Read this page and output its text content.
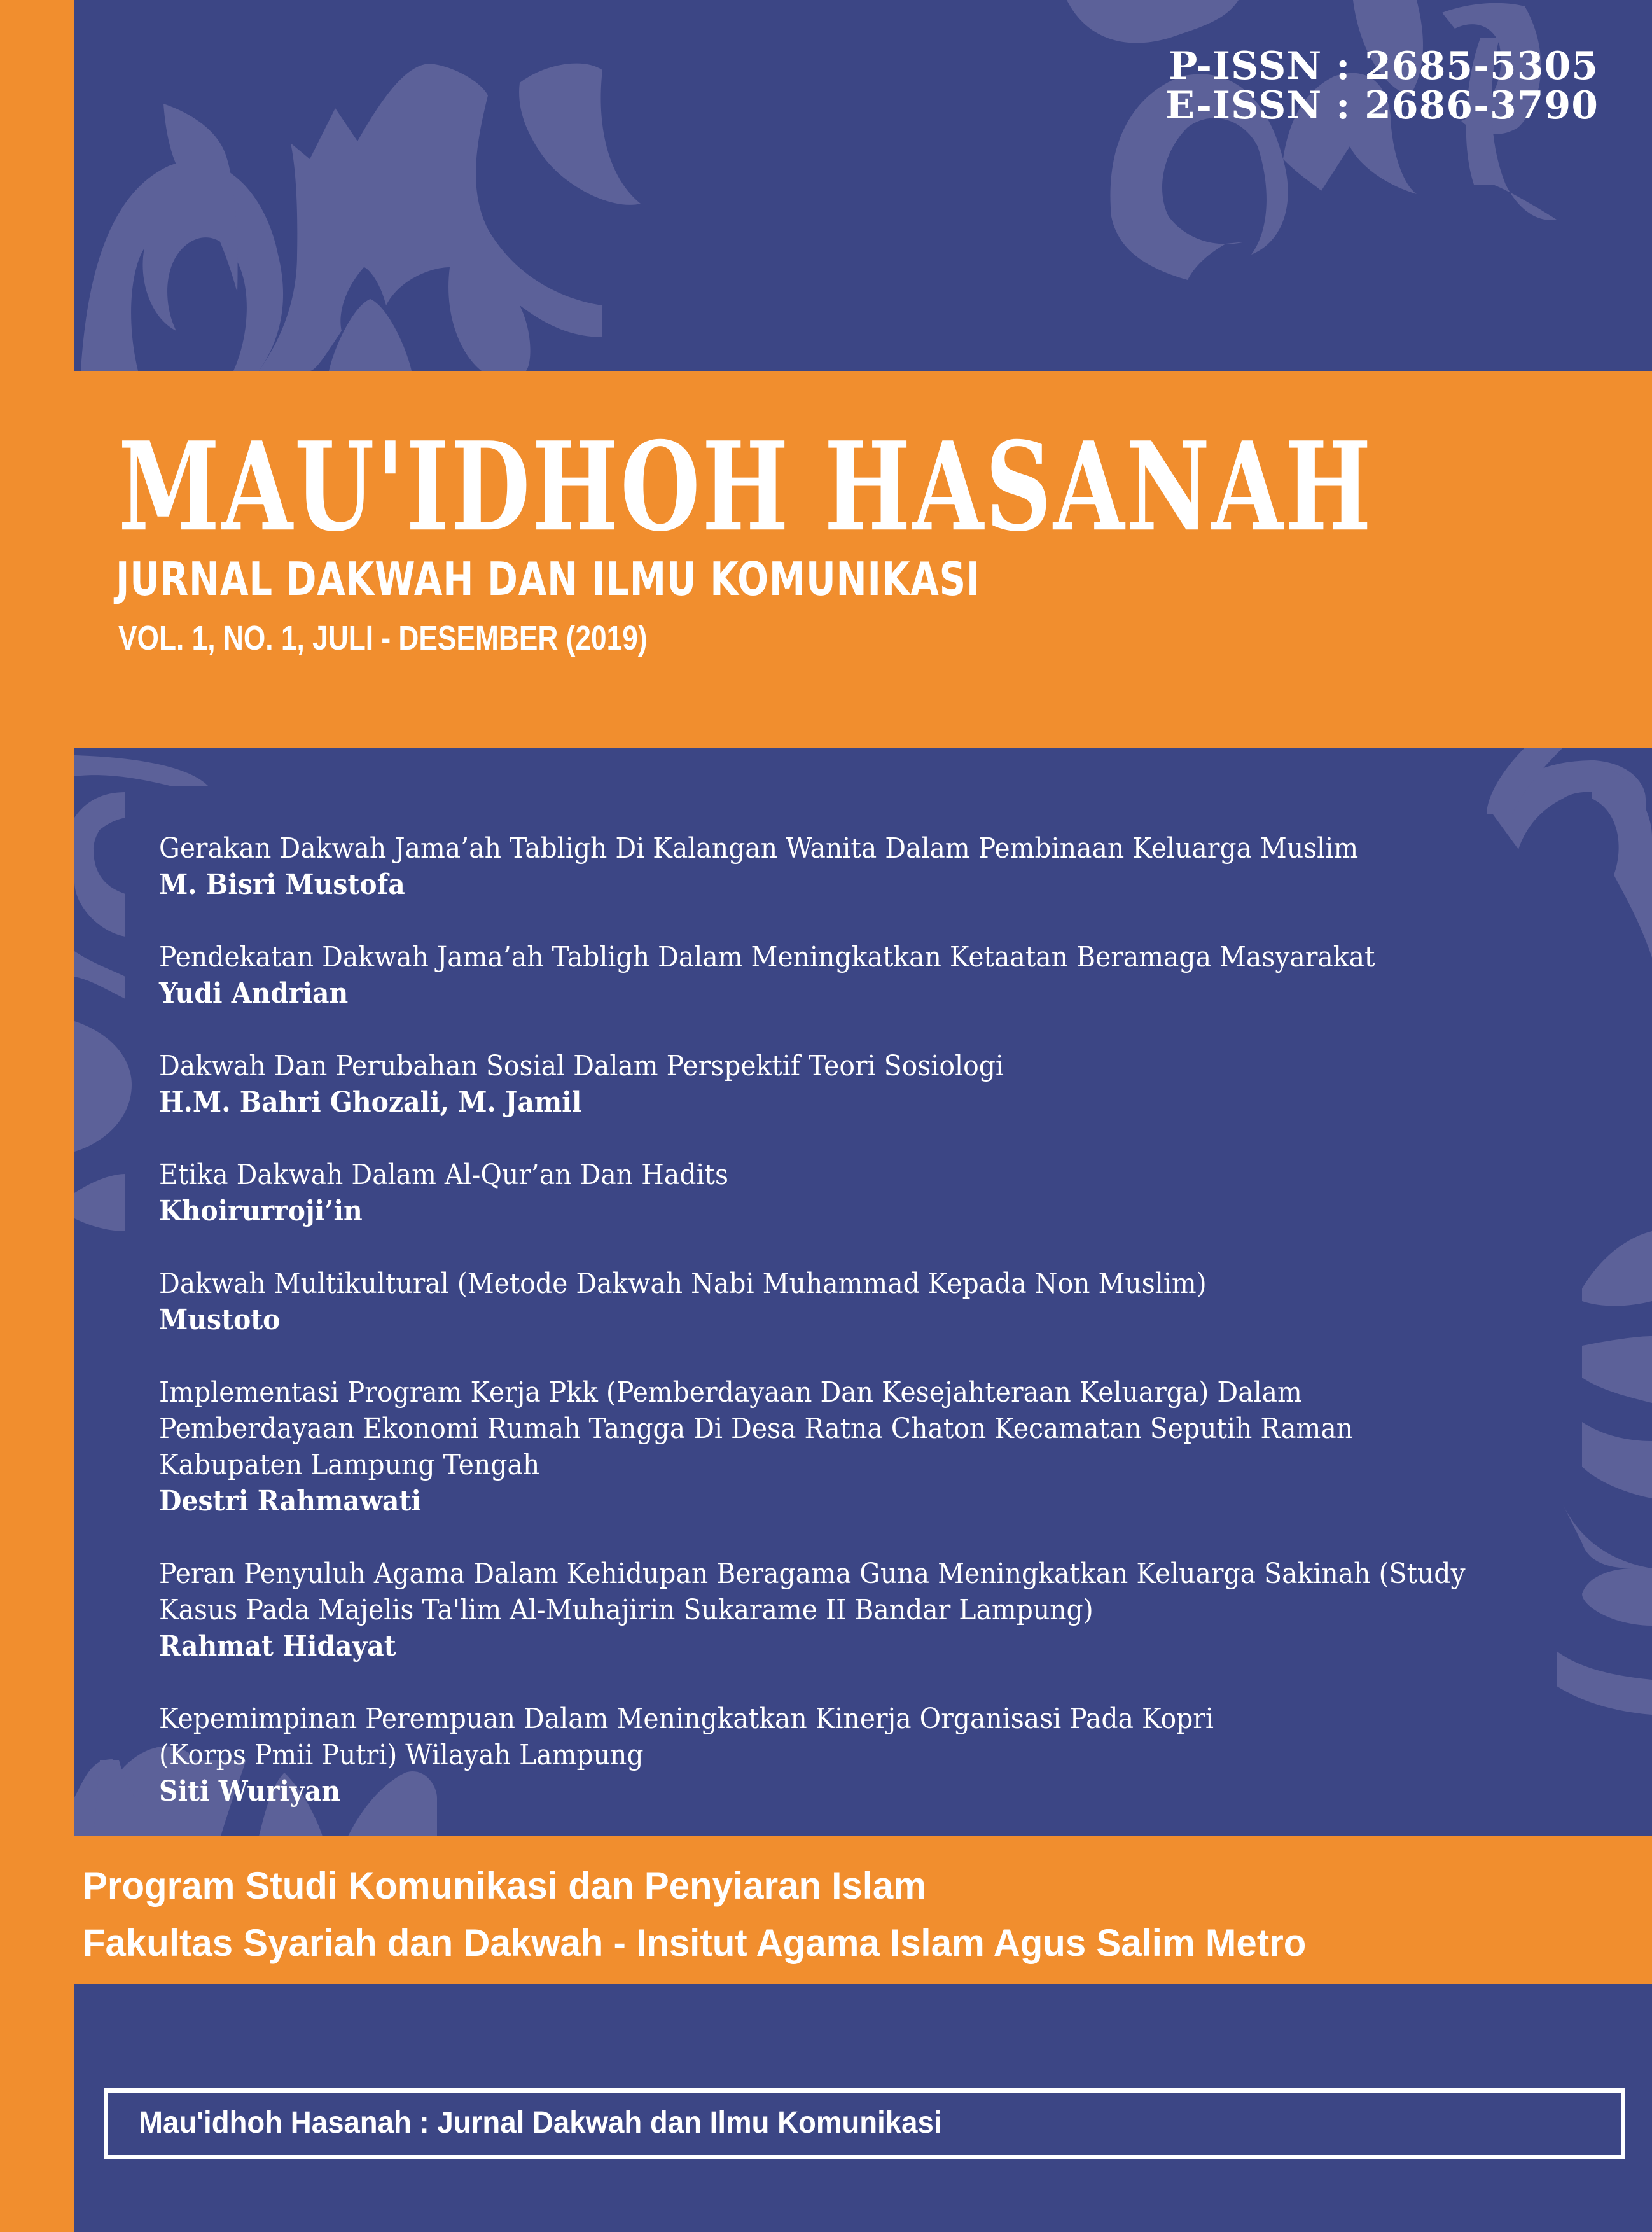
P-ISSN : 2685-5305
E-ISSN : 2686-3790
MAU'IDHOH HASANAH
JURNAL DAKWAH DAN ILMU KOMUNIKASI
VOL. 1, NO. 1, JULI - DESEMBER (2019)
Gerakan Dakwah Jama’ah Tabligh Di Kalangan Wanita Dalam Pembinaan Keluarga Muslim
M. Bisri Mustofa
Pendekatan Dakwah Jama’ah Tabligh Dalam Meningkatkan Ketaatan Beramaga Masyarakat
Yudi Andrian
Dakwah Dan Perubahan Sosial Dalam Perspektif Teori Sosiologi
H.M. Bahri Ghozali, M. Jamil
Etika Dakwah Dalam Al-Qur’an Dan Hadits
Khoirurroji’in
Dakwah Multikultural (Metode Dakwah Nabi Muhammad Kepada Non Muslim)
Mustoto
Implementasi Program Kerja Pkk (Pemberdayaan Dan Kesejahteraan Keluarga) Dalam
Pemberdayaan Ekonomi Rumah Tangga Di Desa Ratna Chaton Kecamatan Seputih Raman
Kabupaten Lampung Tengah
Destri Rahmawati
Peran Penyuluh Agama Dalam Kehidupan Beragama Guna Meningkatkan Keluarga Sakinah (Study
Kasus Pada Majelis Ta'lim Al-Muhajirin Sukarame II Bandar Lampung)
Rahmat Hidayat
Kepemimpinan Perempuan Dalam Meningkatkan Kinerja Organisasi Pada Kopri
(Korps Pmii Putri) Wilayah Lampung
Siti Wuriyan
Program Studi Komunikasi dan Penyiaran Islam
Fakultas Syariah dan Dakwah - Insitut Agama Islam Agus Salim Metro
Mau'idhoh Hasanah : Jurnal Dakwah dan Ilmu Komunikasi
